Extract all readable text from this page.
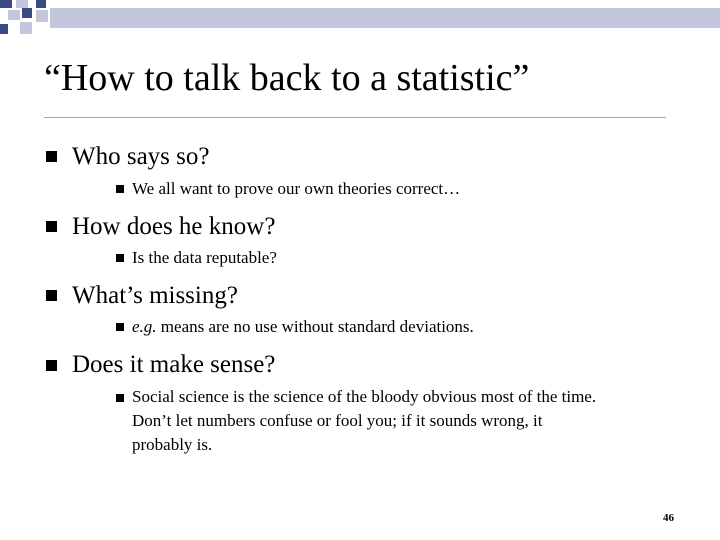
“How to talk back to a statistic”
Who says so?
We all want to prove our own theories correct…
How does he know?
Is the data reputable?
What’s missing?
e.g. means are no use without standard deviations.
Does it make sense?
Social science is the science of the bloody obvious most of the time.
Don’t let numbers confuse or fool you; if it sounds wrong, it
probably is.
46
